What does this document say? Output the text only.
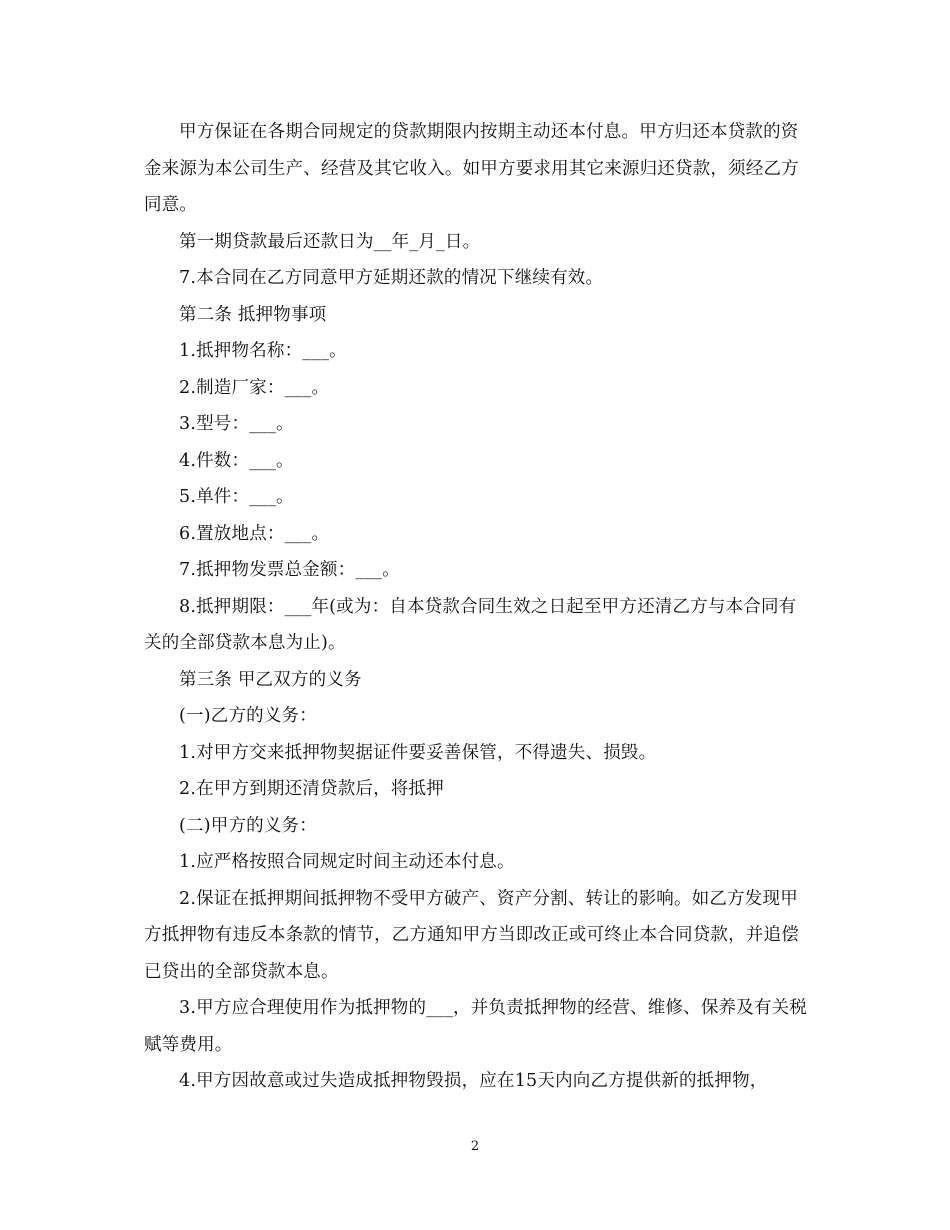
甲方保证在各期合同规定的贷款期限内按期主动还本付息。甲方归还本贷款的资金来源为本公司生产、经营及其它收入。如甲方要求用其它来源归还贷款，须经乙方同意。

第一期贷款最后还款日为__年_月_日。

7.本合同在乙方同意甲方延期还款的情况下继续有效。

第二条 抵押物事项

1.抵押物名称：___。

2.制造厂家：___。

3.型号：___。

4.件数：___。

5.单件：___。

6.置放地点：___。

7.抵押物发票总金额：___。

8.抵押期限：___年(或为：自本贷款合同生效之日起至甲方还清乙方与本合同有关的全部贷款本息为止)。

第三条 甲乙双方的义务

(一)乙方的义务：

1.对甲方交来抵押物契据证件要妥善保管，不得遗失、损毁。

2.在甲方到期还清贷款后，将抵押

(二)甲方的义务：

1.应严格按照合同规定时间主动还本付息。

2.保证在抵押期间抵押物不受甲方破产、资产分割、转让的影响。如乙方发现甲方抵押物有违反本条款的情节，乙方通知甲方当即改正或可终止本合同贷款，并追偿已贷出的全部贷款本息。

3.甲方应合理使用作为抵押物的___，并负责抵押物的经营、维修、保养及有关税赋等费用。

4.甲方因故意或过失造成抵押物毁损，应在15天内向乙方提供新的抵押物，

2
